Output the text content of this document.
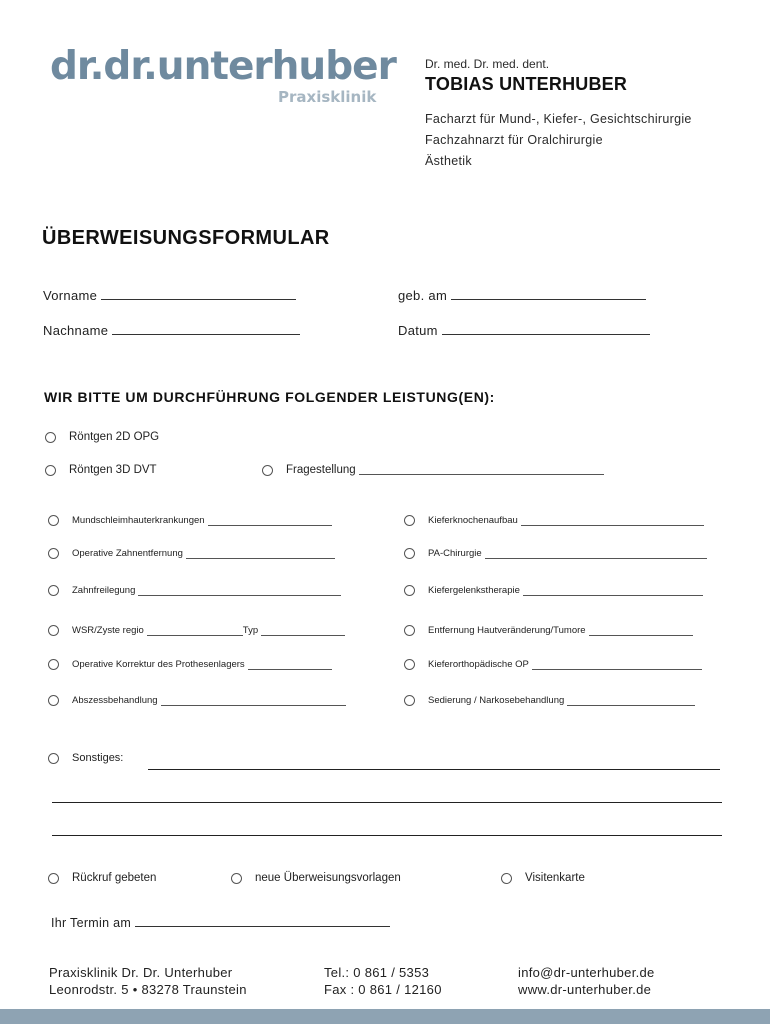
dr.dr.unterhuber
Praxisklinik
Dr. med. Dr. med. dent.
TOBIAS UNTERHUBER
Facharzt für Mund-, Kiefer-, Gesichtschirurgie
Fachzahnarzt für Oralchirurgie
Ästhetik
ÜBERWEISUNGSFORMULAR
Vorname	geb. am
Nachname	Datum
WIR BITTE UM DURCHFÜHRUNG FOLGENDER LEISTUNG(EN):
Röntgen 2D OPG
Röntgen 3D DVT	Fragestellung
Mundschleimhauterkrankungen
Operative Zahnentfernung
Zahnfreilegung
WSR/Zyste regio	Typ
Operative Korrektur des Prothesenlagers
Abszessbehandlung
Kieferknochenaufbau
PA-Chirurgie
Kiefergelenkstherapie
Entfernung Hautveränderung/Tumore
Kieferorthopädische OP
Sedierung / Narkosebehandlung
Sonstiges:
Rückruf gebeten	neue Überweisungsvorlagen	Visitenkarte
Ihr Termin am
Praxisklinik Dr. Dr. Unterhuber
Leonrodstr. 5 • 83278 Traunstein
Tel.: 0 861 / 5353
Fax : 0 861 / 12160
info@dr-unterhuber.de
www.dr-unterhuber.de
